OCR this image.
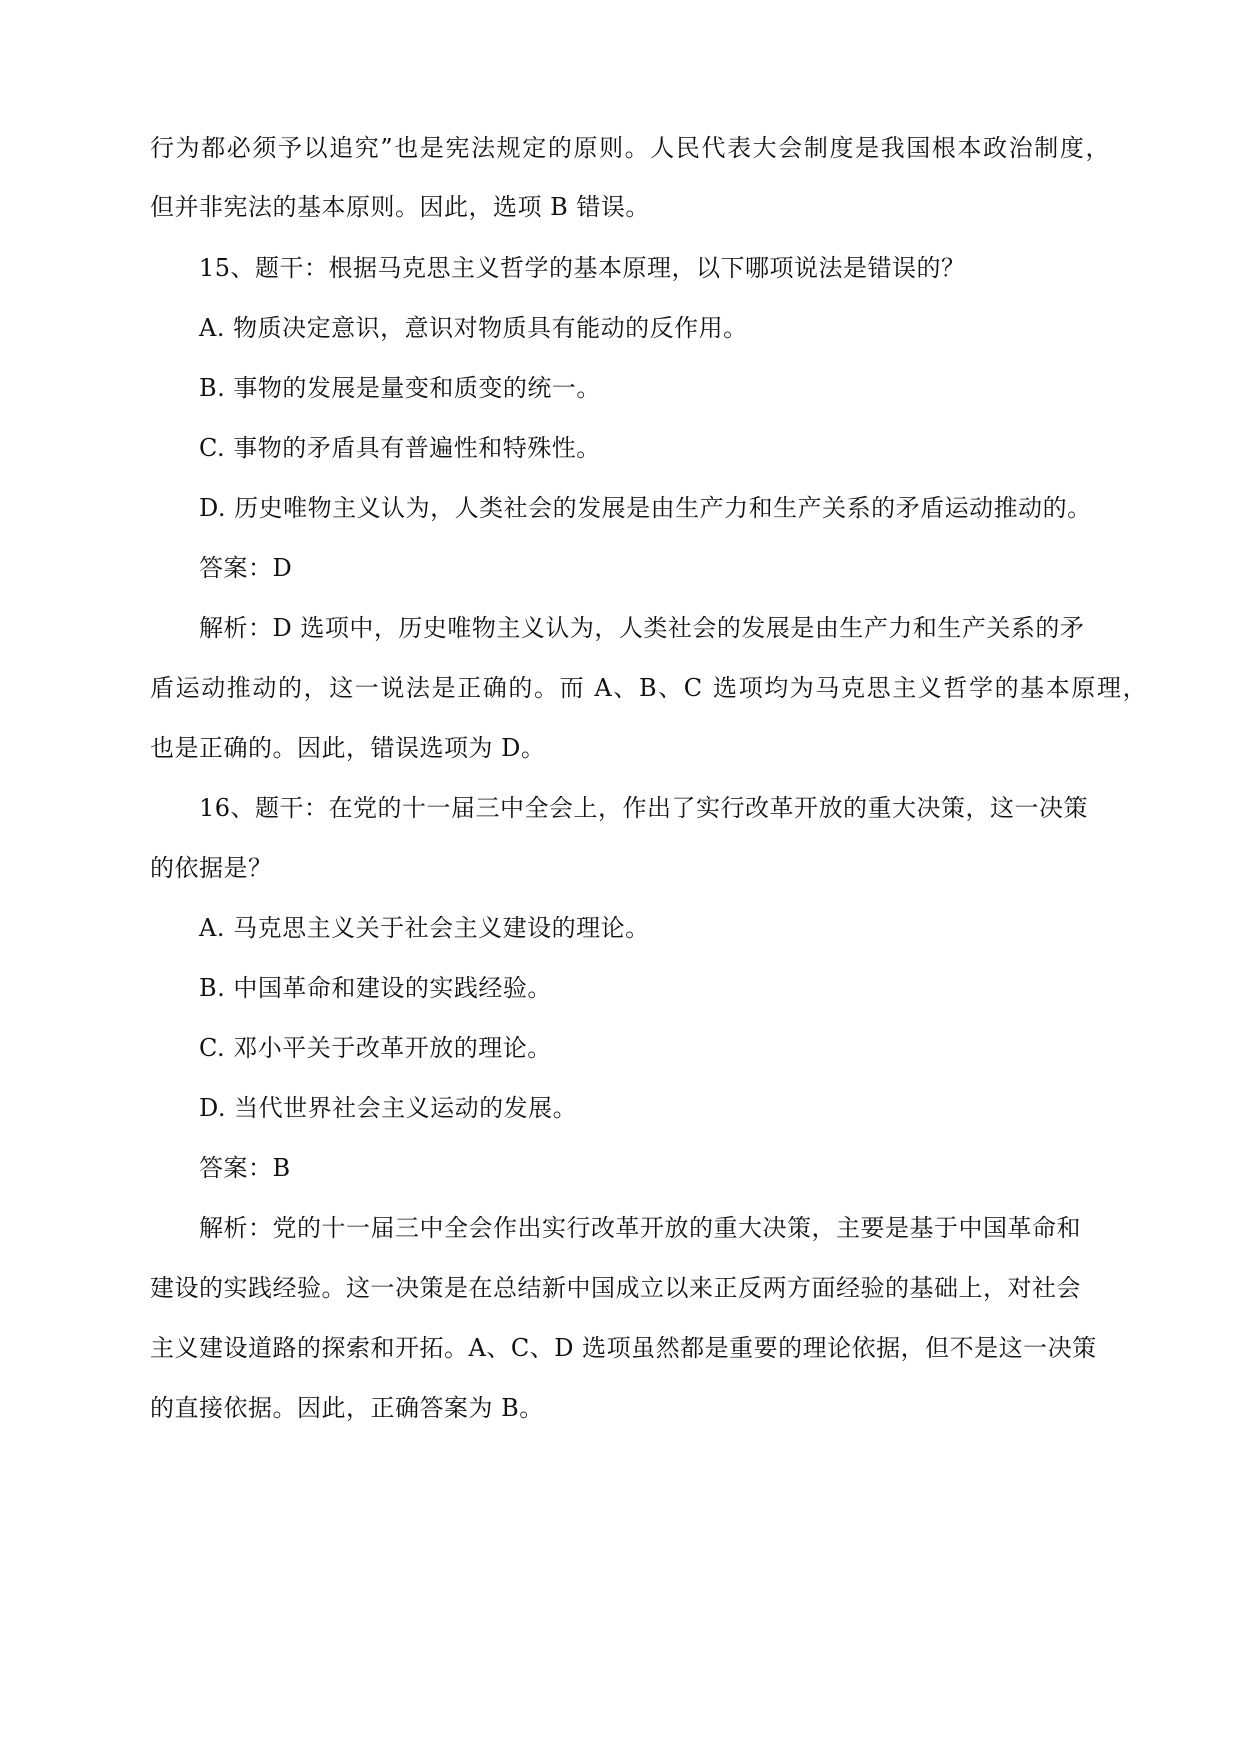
行为都必须予以追究”也是宪法规定的原则。人民代表大会制度是我国根本政治制度，
但并非宪法的基本原则。因此，选项 B 错误。
15、题干：根据马克思主义哲学的基本原理，以下哪项说法是错误的？
A. 物质决定意识，意识对物质具有能动的反作用。
B. 事物的发展是量变和质变的统一。
C. 事物的矛盾具有普遍性和特殊性。
D. 历史唯物主义认为，人类社会的发展是由生产力和生产关系的矛盾运动推动的。
答案：D
解析：D 选项中，历史唯物主义认为，人类社会的发展是由生产力和生产关系的矛
盾运动推动的，这一说法是正确的。而 A、B、C 选项均为马克思主义哲学的基本原理，
也是正确的。因此，错误选项为 D。
16、题干：在党的十一届三中全会上，作出了实行改革开放的重大决策，这一决策
的依据是？
A. 马克思主义关于社会主义建设的理论。
B. 中国革命和建设的实践经验。
C. 邓小平关于改革开放的理论。
D. 当代世界社会主义运动的发展。
答案：B
解析：党的十一届三中全会作出实行改革开放的重大决策，主要是基于中国革命和
建设的实践经验。这一决策是在总结新中国成立以来正反两方面经验的基础上，对社会
主义建设道路的探索和开拓。A、C、D 选项虽然都是重要的理论依据，但不是这一决策
的直接依据。因此，正确答案为 B。
